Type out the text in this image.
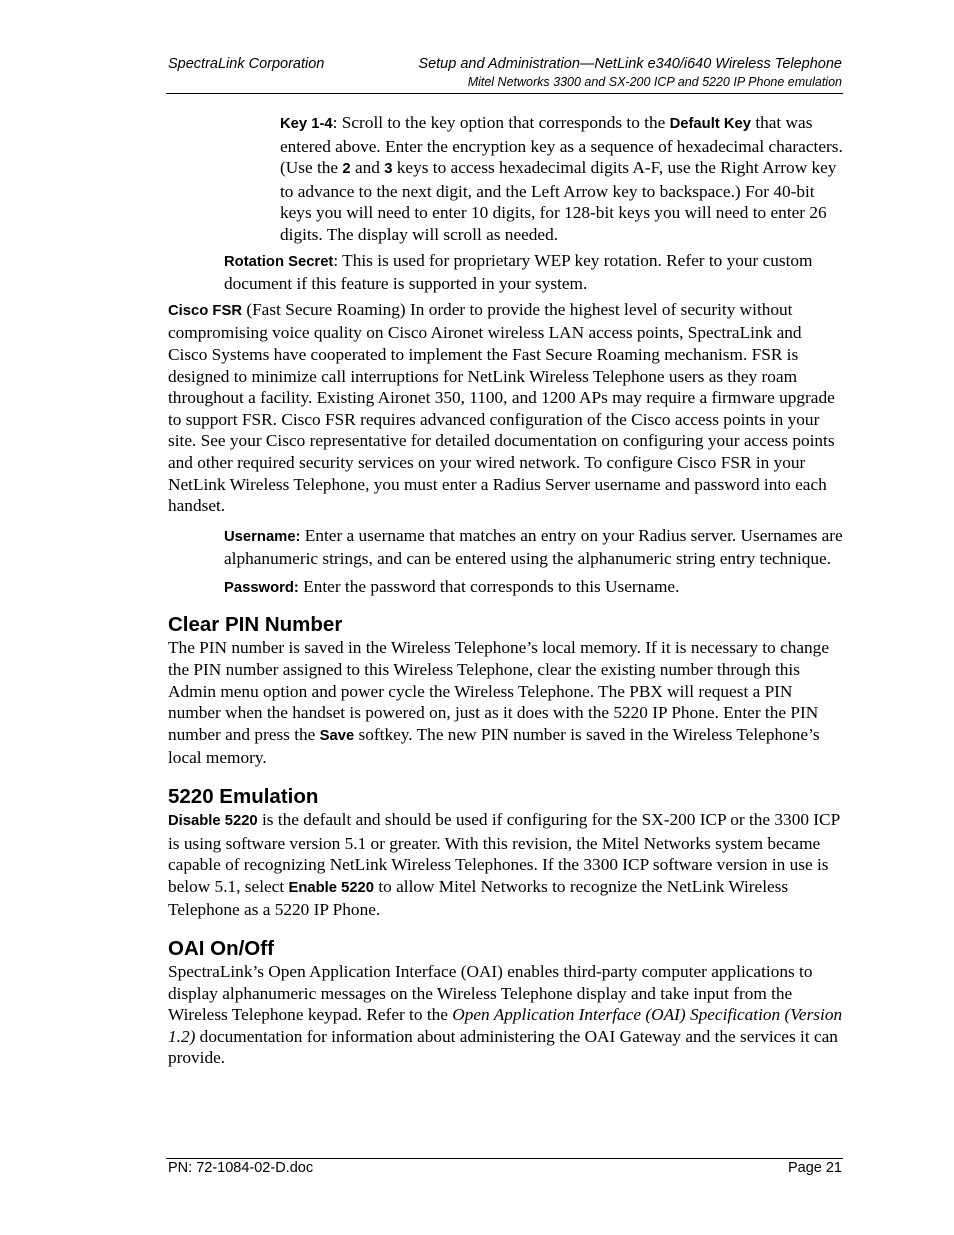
SpectraLink Corporation	Setup and Administration—NetLink e340/i640 Wireless Telephone
Mitel Networks 3300 and SX-200 ICP and 5220 IP Phone emulation

Key 1-4: Scroll to the key option that corresponds to the Default Key that was entered above. Enter the encryption key as a sequence of hexadecimal characters. (Use the 2 and 3 keys to access hexadecimal digits A-F, use the Right Arrow key to advance to the next digit, and the Left Arrow key to backspace.) For 40-bit keys you will need to enter 10 digits, for 128-bit keys you will need to enter 26 digits. The display will scroll as needed.

Rotation Secret: This is used for proprietary WEP key rotation. Refer to your custom document if this feature is supported in your system.

Cisco FSR (Fast Secure Roaming) In order to provide the highest level of security without compromising voice quality on Cisco Aironet wireless LAN access points, SpectraLink and Cisco Systems have cooperated to implement the Fast Secure Roaming mechanism. FSR is designed to minimize call interruptions for NetLink Wireless Telephone users as they roam throughout a facility. Existing Aironet 350, 1100, and 1200 APs may require a firmware upgrade to support FSR. Cisco FSR requires advanced configuration of the Cisco access points in your site. See your Cisco representative for detailed documentation on configuring your access points and other required security services on your wired network. To configure Cisco FSR in your NetLink Wireless Telephone, you must enter a Radius Server username and password into each handset.

Username: Enter a username that matches an entry on your Radius server. Usernames are alphanumeric strings, and can be entered using the alphanumeric string entry technique.

Password: Enter the password that corresponds to this Username.

Clear PIN Number

The PIN number is saved in the Wireless Telephone’s local memory. If it is necessary to change the PIN number assigned to this Wireless Telephone, clear the existing number through this Admin menu option and power cycle the Wireless Telephone. The PBX will request a PIN number when the handset is powered on, just as it does with the 5220 IP Phone. Enter the PIN number and press the Save softkey. The new PIN number is saved in the Wireless Telephone’s local memory.

5220 Emulation

Disable 5220 is the default and should be used if configuring for the SX-200 ICP or the 3300 ICP is using software version 5.1 or greater. With this revision, the Mitel Networks system became capable of recognizing NetLink Wireless Telephones. If the 3300 ICP software version in use is below 5.1, select Enable 5220 to allow Mitel Networks to recognize the NetLink Wireless Telephone as a 5220 IP Phone.

OAI On/Off

SpectraLink’s Open Application Interface (OAI) enables third-party computer applications to display alphanumeric messages on the Wireless Telephone display and take input from the Wireless Telephone keypad. Refer to the Open Application Interface (OAI) Specification (Version 1.2) documentation for information about administering the OAI Gateway and the services it can provide.

PN: 72-1084-02-D.doc	Page 21
